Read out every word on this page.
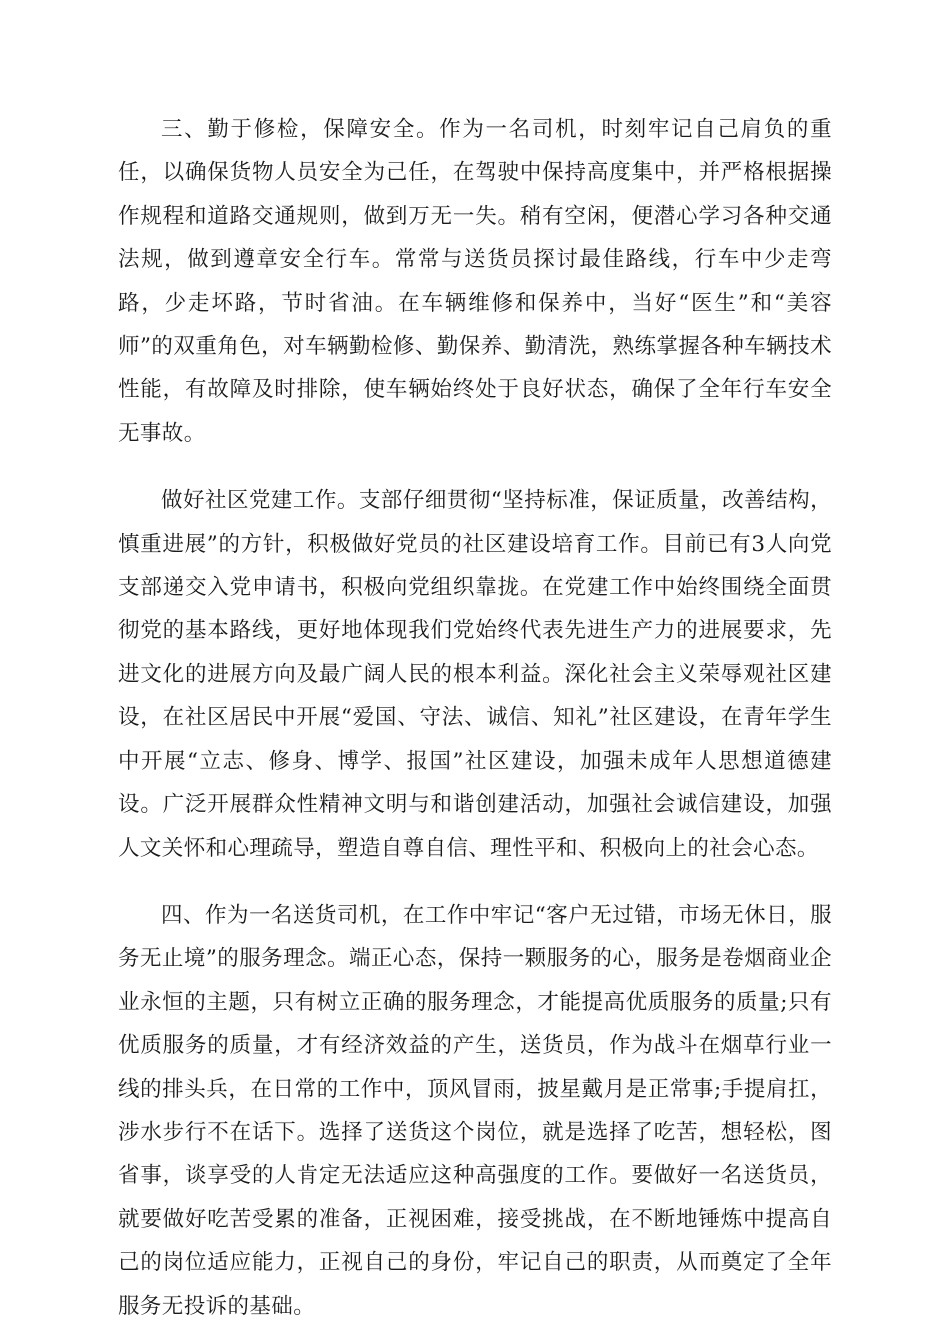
三、勤于修检，保障安全。作为一名司机，时刻牢记自己肩负的重任，以确保货物人员安全为己任，在驾驶中保持高度集中，并严格根据操作规程和道路交通规则，做到万无一失。稍有空闲，便潜心学习各种交通法规，做到遵章安全行车。常常与送货员探讨最佳路线，行车中少走弯路，少走坏路，节时省油。在车辆维修和保养中，当好“医生”和“美容师”的双重角色，对车辆勤检修、勤保养、勤清洗，熟练掌握各种车辆技术性能，有故障及时排除，使车辆始终处于良好状态，确保了全年行车安全无事故。

做好社区党建工作。支部仔细贯彻“坚持标准，保证质量，改善结构，慎重进展”的方针，积极做好党员的社区建设培育工作。目前已有3人向党支部递交入党申请书，积极向党组织靠拢。在党建工作中始终围绕全面贯彻党的基本路线，更好地体现我们党始终代表先进生产力的进展要求，先进文化的进展方向及最广阔人民的根本利益。深化社会主义荣辱观社区建设，在社区居民中开展“爱国、守法、诚信、知礼”社区建设，在青年学生中开展“立志、修身、博学、报国”社区建设，加强未成年人思想道德建设。广泛开展群众性精神文明与和谐创建活动，加强社会诚信建设，加强人文关怀和心理疏导，塑造自尊自信、理性平和、积极向上的社会心态。

四、作为一名送货司机，在工作中牢记“客户无过错，市场无休日，服务无止境”的服务理念。端正心态，保持一颗服务的心，服务是卷烟商业企业永恒的主题，只有树立正确的服务理念，才能提高优质服务的质量;只有优质服务的质量，才有经济效益的产生，送货员，作为战斗在烟草行业一线的排头兵，在日常的工作中，顶风冒雨，披星戴月是正常事;手提肩扛，涉水步行不在话下。选择了送货这个岗位，就是选择了吃苦，想轻松，图省事，谈享受的人肯定无法适应这种高强度的工作。要做好一名送货员，就要做好吃苦受累的准备，正视困难，接受挑战，在不断地锤炼中提高自己的岗位适应能力，正视自己的身份，牢记自己的职责，从而奠定了全年服务无投诉的基础。
